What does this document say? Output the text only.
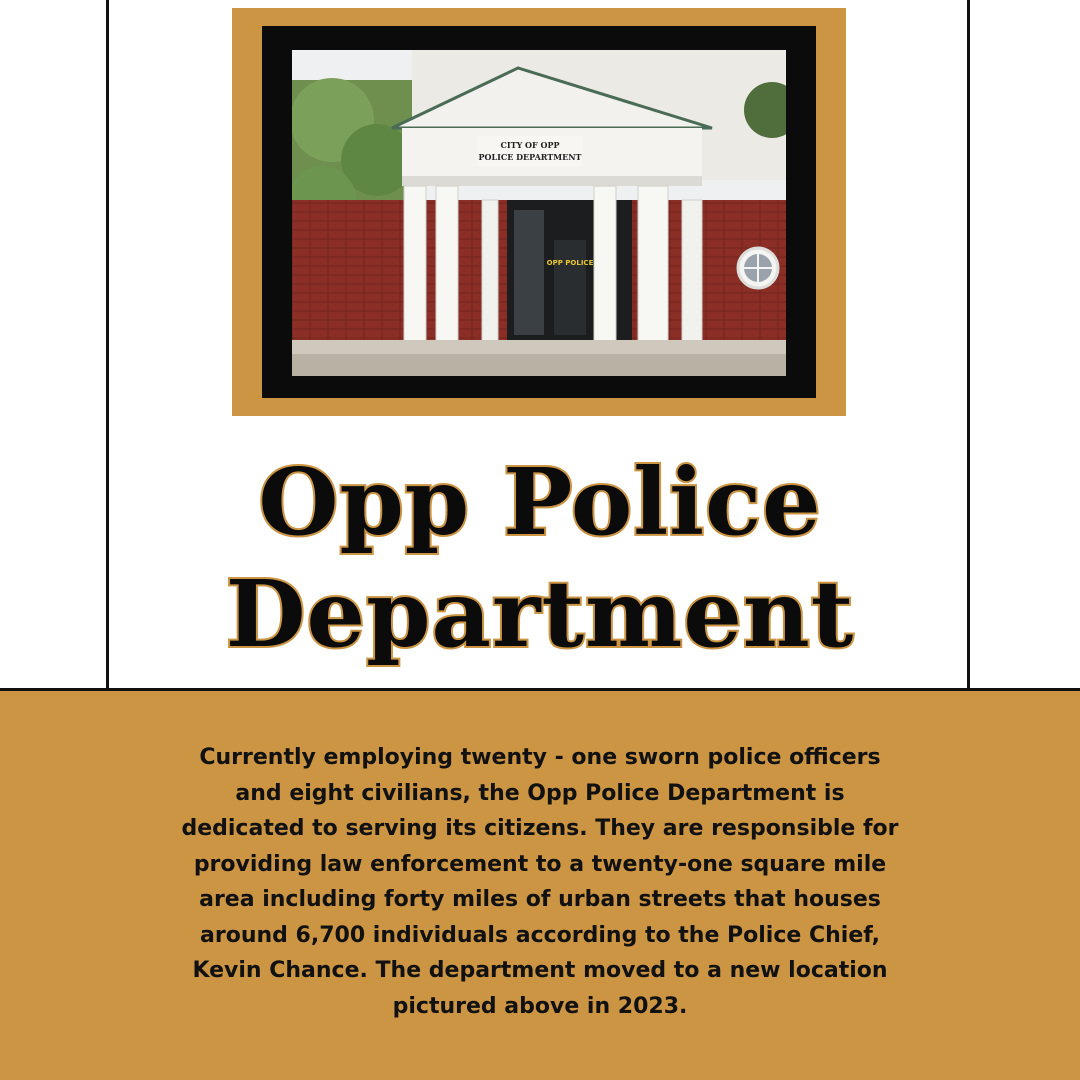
CITY OF OPP
POLICE DEPARTMENT
OPP POLICE
Opp Police
Department
Currently employing twenty - one sworn police officers and eight civilians, the Opp Police Department is dedicated to serving its citizens. They are responsible for providing law enforcement to a twenty-one square mile area including forty miles of urban streets that houses around 6,700 individuals according to the Police Chief, Kevin Chance. The department moved to a new location pictured above in 2023.
